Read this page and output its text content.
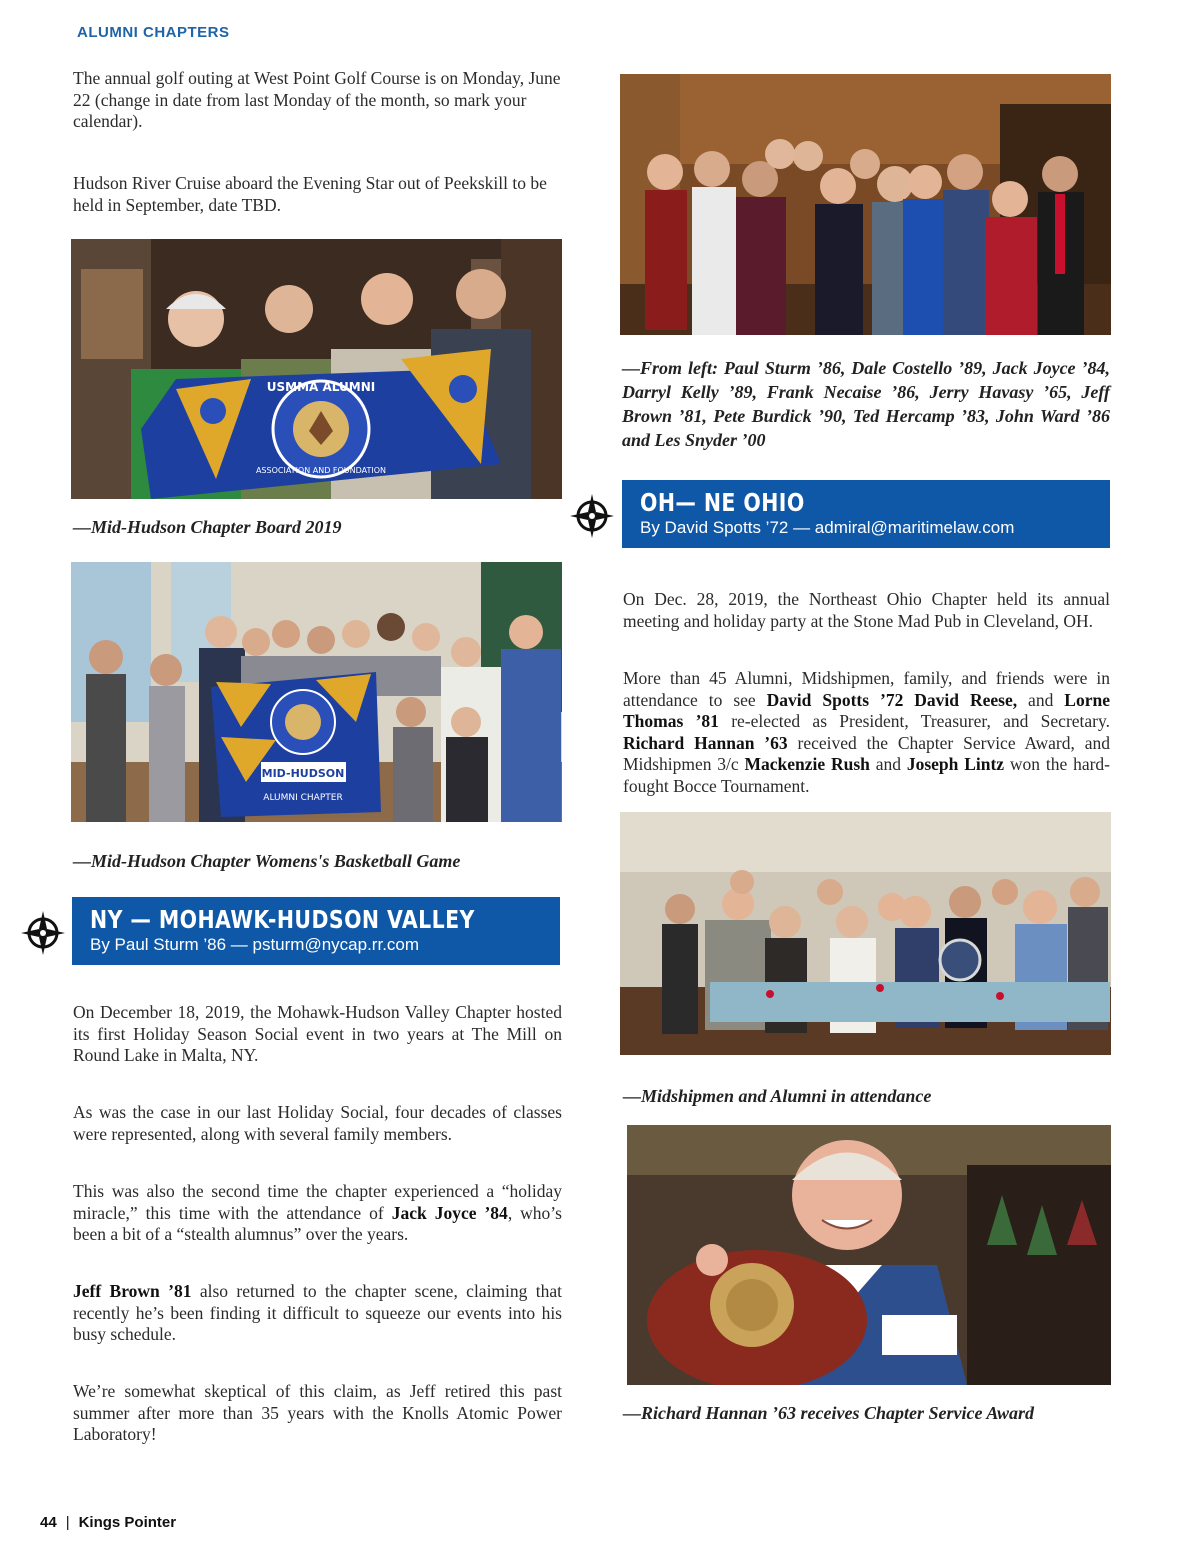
ALUMNI CHAPTERS

The annual golf outing at West Point Golf Course is on Monday, June 22 (change in date from last Monday of the month, so mark your calendar).

Hudson River Cruise aboard the Evening Star out of Peekskill to be held in September, date TBD.

USMMA ALUMNI
ASSOCIATION AND FOUNDATION

—Mid-Hudson Chapter Board 2019

MID-HUDSON
ALUMNI CHAPTER

—Mid-Hudson Chapter Womens's Basketball Game

NY — MOHAWK-HUDSON VALLEY
By Paul Sturm ’86 — psturm@nycap.rr.com

On December 18, 2019, the Mohawk-Hudson Valley Chapter hosted its first Holiday Season Social event in two years at The Mill on Round Lake in Malta, NY.

As was the case in our last Holiday Social, four decades of classes were represented, along with several family members.

This was also the second time the chapter experienced a “holiday miracle,” this time with the attendance of Jack Joyce ’84, who’s been a bit of a “stealth alumnus” over the years.

Jeff Brown ’81 also returned to the chapter scene, claiming that recently he’s been finding it difficult to squeeze our events into his busy schedule.

We’re somewhat skeptical of this claim, as Jeff retired this past summer after more than 35 years with the Knolls Atomic Power Laboratory!

—From left: Paul Sturm ’86, Dale Costello ’89, Jack Joyce ’84, Darryl Kelly ’89, Frank Necaise ’86, Jerry Havasy ’65, Jeff Brown ’81, Pete Burdick ’90, Ted Hercamp ’83, John Ward ’86 and Les Snyder ’00

OH— NE OHIO
By David Spotts ’72 — admiral@maritimelaw.com

On Dec. 28, 2019, the Northeast Ohio Chapter held its annual meeting and holiday party at the Stone Mad Pub in Cleveland, OH.

More than 45 Alumni, Midshipmen, family, and friends were in attendance to see David Spotts ’72 David Reese, and Lorne Thomas ’81 re-elected as President, Treasurer, and Secretary. Richard Hannan ’63 received the Chapter Service Award, and Midshipmen 3/c Mackenzie Rush and Joseph Lintz won the hard-fought Bocce Tournament.

—Midshipmen and Alumni in attendance

—Richard Hannan ’63 receives Chapter Service Award

44 | Kings Pointer
